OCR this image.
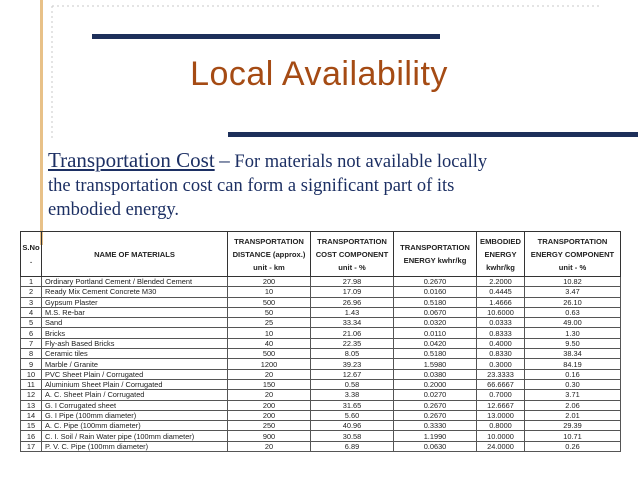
Local Availability
Transportation Cost – For materials not available locally
the transportation cost can form a significant part of its
embodied energy.
S.No .	NAME OF MATERIALS	TRANSPORTATION DISTANCE (approx.) unit - km	TRANSPORTATION COST COMPONENT unit - %	TRANSPORTATION ENERGY kwhr/kg	EMBODIED ENERGY kwhr/kg	TRANSPORTATION ENERGY COMPONENT unit - %
1	Ordinary Portland Cement / Blended Cement	200	27.98	0.2670	2.2000	10.82
2	Ready Mix Cement Concrete M30	10	17.09	0.0160	0.4445	3.47
3	Gypsum Plaster	500	26.96	0.5180	1.4666	26.10
4	M.S. Re-bar	50	1.43	0.0670	10.6000	0.63
5	Sand	25	33.34	0.0320	0.0333	49.00
6	Bricks	10	21.06	0.0110	0.8333	1.30
7	Fly-ash Based Bricks	40	22.35	0.0420	0.4000	9.50
8	Ceramic tiles	500	8.05	0.5180	0.8330	38.34
9	Marble / Granite	1200	39.23	1.5980	0.3000	84.19
10	PVC Sheet Plain / Corrugated	20	12.67	0.0380	23.3333	0.16
11	Aluminium Sheet Plain / Corrugated	150	0.58	0.2000	66.6667	0.30
12	A. C. Sheet Plain / Corrugated	20	3.38	0.0270	0.7000	3.71
13	G. I Corrugated sheet	200	31.65	0.2670	12.6667	2.06
14	G. I Pipe (100mm diameter)	200	5.60	0.2670	13.0000	2.01
15	A. C. Pipe (100mm diameter)	250	40.96	0.3330	0.8000	29.39
16	C. I. Soil / Rain Water pipe (100mm diameter)	900	30.58	1.1990	10.0000	10.71
17	P. V. C. Pipe (100mm diameter)	20	6.89	0.0630	24.0000	0.26
